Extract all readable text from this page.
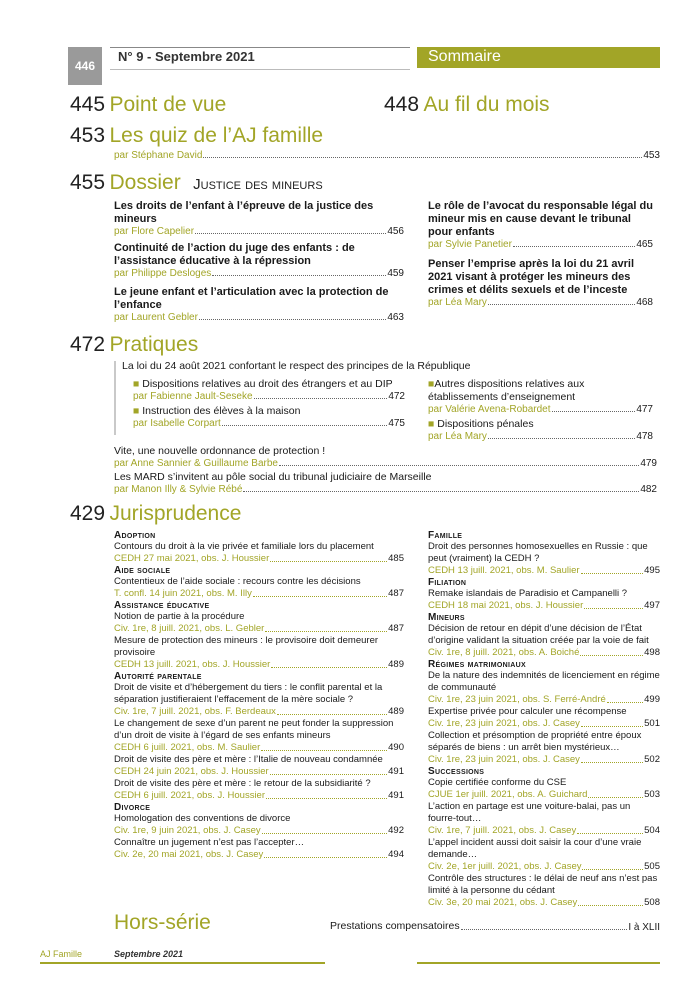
446
N° 9 - Septembre 2021	Sommaire
445 Point de vue	448 Au fil du mois
453 Les quiz de l’AJ famille
par Stéphane David	453
455 Dossier Justice des mineurs
Les droits de l’enfant à l’épreuve de la justice des mineurs
par Flore Capelier	456
Continuité de l’action du juge des enfants : de l’assistance éducative à la répression
par Philippe Desloges	459
Le jeune enfant et l’articulation avec la protection de l’enfance
par Laurent Gebler	463
Le rôle de l’avocat du responsable légal du mineur mis en cause devant le tribunal pour enfants
par Sylvie Panetier	465
Penser l’emprise après la loi du 21 avril 2021 visant à protéger les mineurs des crimes et délits sexuels et de l’inceste
par Léa Mary	468
472 Pratiques
La loi du 24 août 2021 confortant le respect des principes de la République
■ Dispositions relatives au droit des étrangers et au DIP
par Fabienne Jault-Seseke	472
■ Instruction des élèves à la maison
par Isabelle Corpart	475
■Autres dispositions relatives aux établissements d’enseignement
par Valérie Avena-Robardet	477
■ Dispositions pénales
par Léa Mary	478
Vite, une nouvelle ordonnance de protection !
par Anne Sannier & Guillaume Barbe	479
Les MARD s’invitent au pôle social du tribunal judiciaire de Marseille
par Manon Illy & Sylvie Rébé	482
429 Jurisprudence
Adoption
Contours du droit à la vie privée et familiale lors du placement
CEDH 27 mai 2021, obs. J. Houssier	485
Aide sociale
Contentieux de l’aide sociale : recours contre les décisions
T. confl. 14 juin 2021, obs. M. Illy	487
Assistance éducative
Notion de partie à la procédure
Civ. 1re, 8 juill. 2021, obs. L. Gebler	487
Mesure de protection des mineurs : le provisoire doit demeurer provisoire
CEDH 13 juill. 2021, obs. J. Houssier	489
Autorité parentale
Droit de visite et d’hébergement du tiers : le conflit parental et la séparation justifieraient l’effacement de la mère sociale ?
Civ. 1re, 7 juill. 2021, obs. F. Berdeaux	489
Le changement de sexe d’un parent ne peut fonder la suppression d’un droit de visite à l’égard de ses enfants mineurs
CEDH 6 juill. 2021, obs. M. Saulier	490
Droit de visite des père et mère : l’Italie de nouveau condamnée
CEDH 24 juin 2021, obs. J. Houssier	491
Droit de visite des père et mère : le retour de la subsidiarité ?
CEDH 6 juill. 2021, obs. J. Houssier	491
Divorce
Homologation des conventions de divorce
Civ. 1re, 9 juin 2021, obs. J. Casey	492
Connaître un jugement n’est pas l’accepter…
Civ. 2e, 20 mai 2021, obs. J. Casey	494
Famille
Droit des personnes homosexuelles en Russie : que peut (vraiment) la CEDH ?
CEDH 13 juill. 2021, obs. M. Saulier	495
Filiation
Remake islandais de Paradisio et Campanelli ?
CEDH 18 mai 2021, obs. J. Houssier	497
Mineurs
Décision de retour en dépit d’une décision de l’État d’origine validant la situation créée par la voie de fait
Civ. 1re, 8 juill. 2021, obs. A. Boiché	498
Régimes matrimoniaux
De la nature des indemnités de licenciement en régime de communauté
Civ. 1re, 23 juin 2021, obs. S. Ferré-André	499
Expertise privée pour calculer une récompense
Civ. 1re, 23 juin 2021, obs. J. Casey	501
Collection et présomption de propriété entre époux séparés de biens : un arrêt bien mystérieux…
Civ. 1re, 23 juin 2021, obs. J. Casey	502
Successions
Copie certifiée conforme du CSE
CJUE 1er juill. 2021, obs. A. Guichard	503
L’action en partage est une voiture-balai, pas un fourre-tout…
Civ. 1re, 7 juill. 2021, obs. J. Casey	504
L’appel incident aussi doit saisir la cour d’une vraie demande…
Civ. 2e, 1er juill. 2021, obs. J. Casey	505
Contrôle des structures : le délai de neuf ans n’est pas limité à la personne du cédant
Civ. 3e, 20 mai 2021, obs. J. Casey	508
Hors-série	Prestations compensatoires	I à XLII
AJ Famille	Septembre 2021
